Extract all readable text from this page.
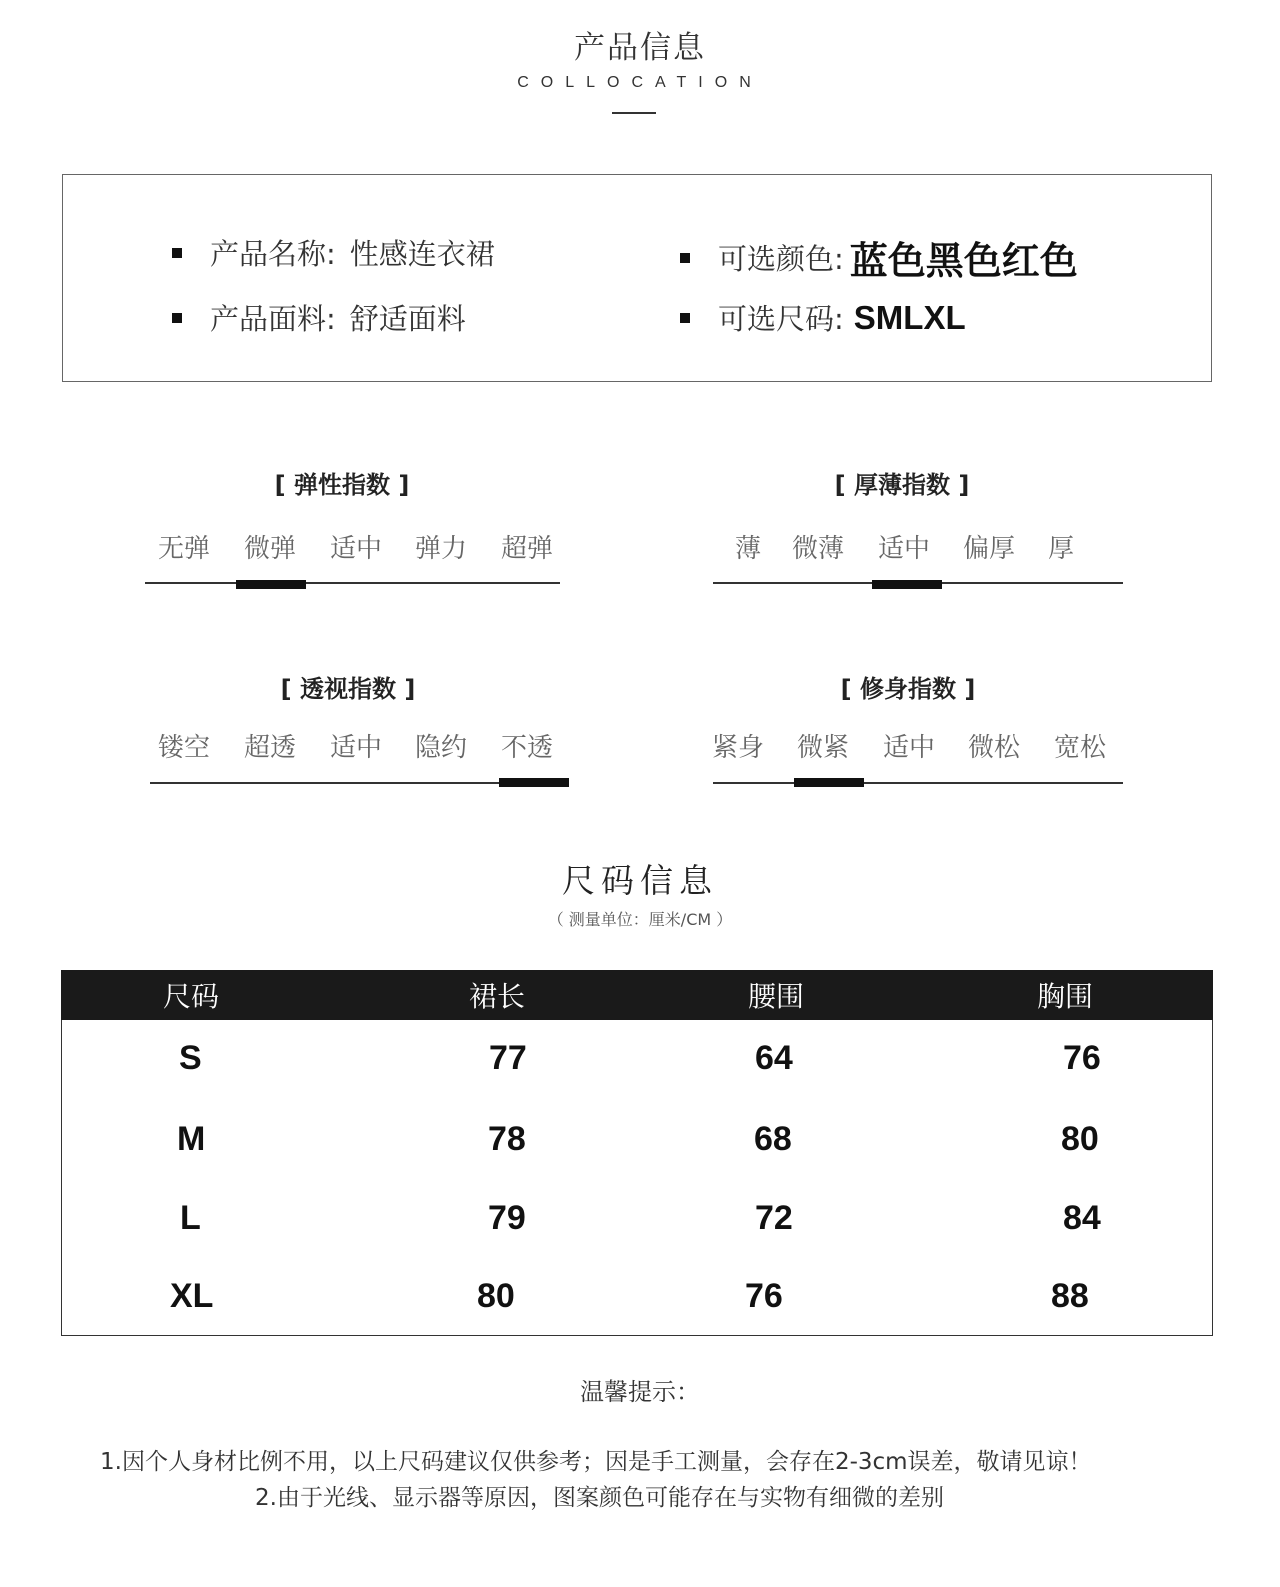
产品信息
COLLOCATION
产品名称: 性感连衣裙
产品面料: 舒适面料
可选颜色: 蓝色黑色红色
可选尺码: SMLXL
[ 弹性指数 ]
无弹 微弹 适中 弹力 超弹
[ 厚薄指数 ]
薄 微薄 适中 偏厚 厚
[ 透视指数 ]
镂空 超透 适中 隐约 不透
[ 修身指数 ]
紧身 微紧 适中 微松 宽松
尺码信息
（ 测量单位：厘米/CM ）
尺码	裙长	腰围	胸围
S	77	64	76
M	78	68	80
L	79	72	84
XL	80	76	88
温馨提示：
1.因个人身材比例不用，以上尺码建议仅供参考；因是手工测量，会存在2-3cm误差，敬请见谅！
2.由于光线、显示器等原因，图案颜色可能存在与实物有细微的差别
